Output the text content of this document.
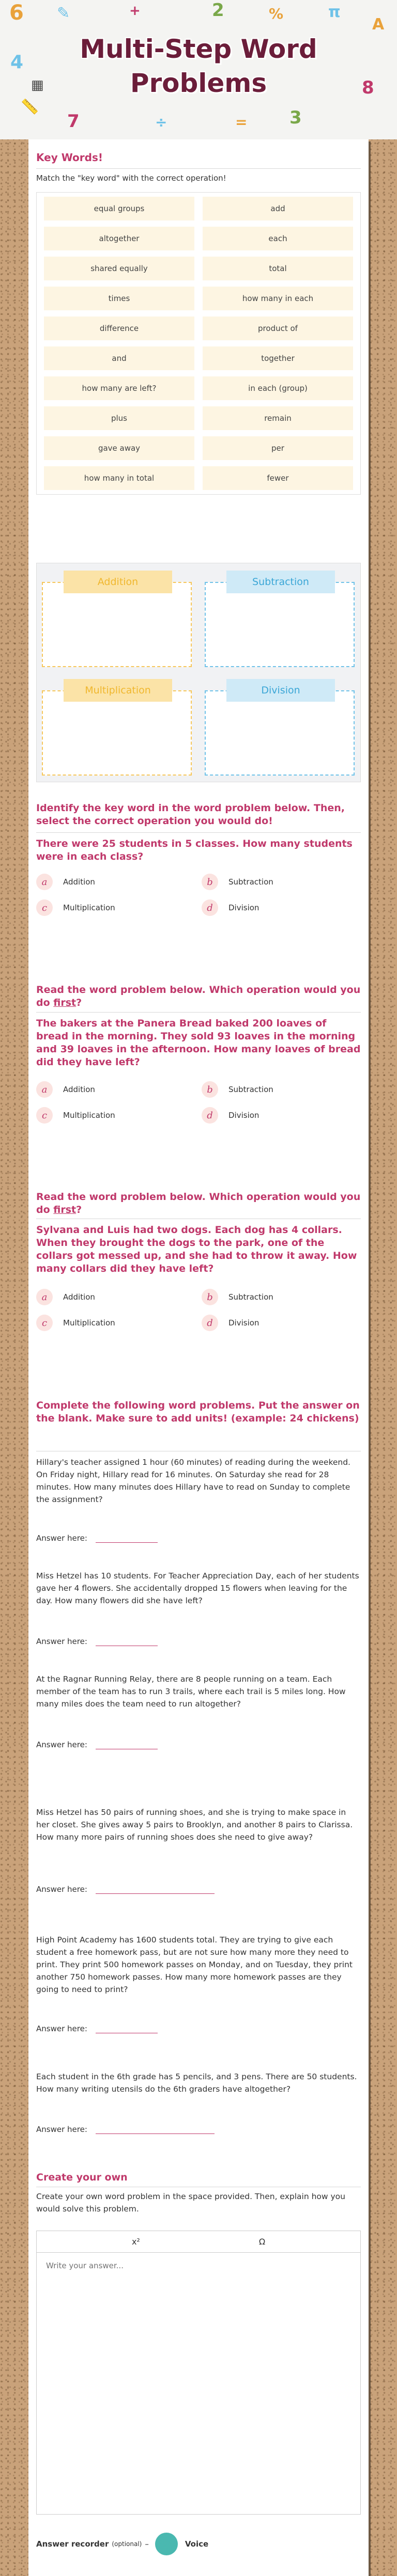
6 ✎	+	2	%	π
A
4
📏
7	÷	= 3
8
▦
Multi-Step Word
Problems
Key Words!
Match the "key word" with the correct operation!
equal groups	add
altogether	each
shared equally	total
times	how many in each
difference	product of
and	together
how many are left?	in each (group)
plus	remain
gave away	per
how many in total	fewer
Addition	Subtraction
Multiplication	Division
Identify the key word in the word problem below. Then, select the correct operation you would do!
There were 25 students in 5 classes. How many students were in each class?
a	Addition	b	Subtraction
c	Multiplication	d	Division
Read the word problem below. Which operation would you do first?
The bakers at the Panera Bread baked 200 loaves of bread in the morning. They sold 93 loaves in the morning and 39 loaves in the afternoon. How many loaves of bread did they have left?
a	Addition	b	Subtraction
c	Multiplication	d	Division
Read the word problem below. Which operation would you do first?
Sylvana and Luis had two dogs. Each dog has 4 collars. When they brought the dogs to the park, one of the collars got messed up, and she had to throw it away. How many collars did they have left?
a	Addition	b	Subtraction
c	Multiplication	d	Division
Complete the following word problems. Put the answer on the blank. Make sure to add units! (example: 24 chickens)
Hillary's teacher assigned 1 hour (60 minutes) of reading during the weekend. On Friday night, Hillary read for 16 minutes. On Saturday she read for 28 minutes. How many minutes does Hillary have to read on Sunday to complete the assignment?
Answer here:
Miss Hetzel has 10 students. For Teacher Appreciation Day, each of her students gave her 4 flowers. She accidentally dropped 15 flowers when leaving for the day. How many flowers did she have left?
Answer here:
At the Ragnar Running Relay, there are 8 people running on a team. Each member of the team has to run 3 trails, where each trail is 5 miles long. How many miles does the team need to run altogether?
Answer here:
Miss Hetzel has 50 pairs of running shoes, and she is trying to make space in her closet. She gives away 5 pairs to Brooklyn, and another 8 pairs to Clarissa. How many more pairs of running shoes does she need to give away?
Answer here:
High Point Academy has 1600 students total. They are trying to give each student a free homework pass, but are not sure how many more they need to print. They print 500 homework passes on Monday, and on Tuesday, they print another 750 homework passes. How many more homework passes are they going to need to print?
Answer here:
Each student in the 6th grade has 5 pencils, and 3 pens. There are 50 students. How many writing utensils do the 6th graders have altogether?
Answer here:
Create your own
Create your own word problem in the space provided. Then, explain how you would solve this problem.
x²	Ω
Write your answer...
Answer recorder (optional) –	Voice
